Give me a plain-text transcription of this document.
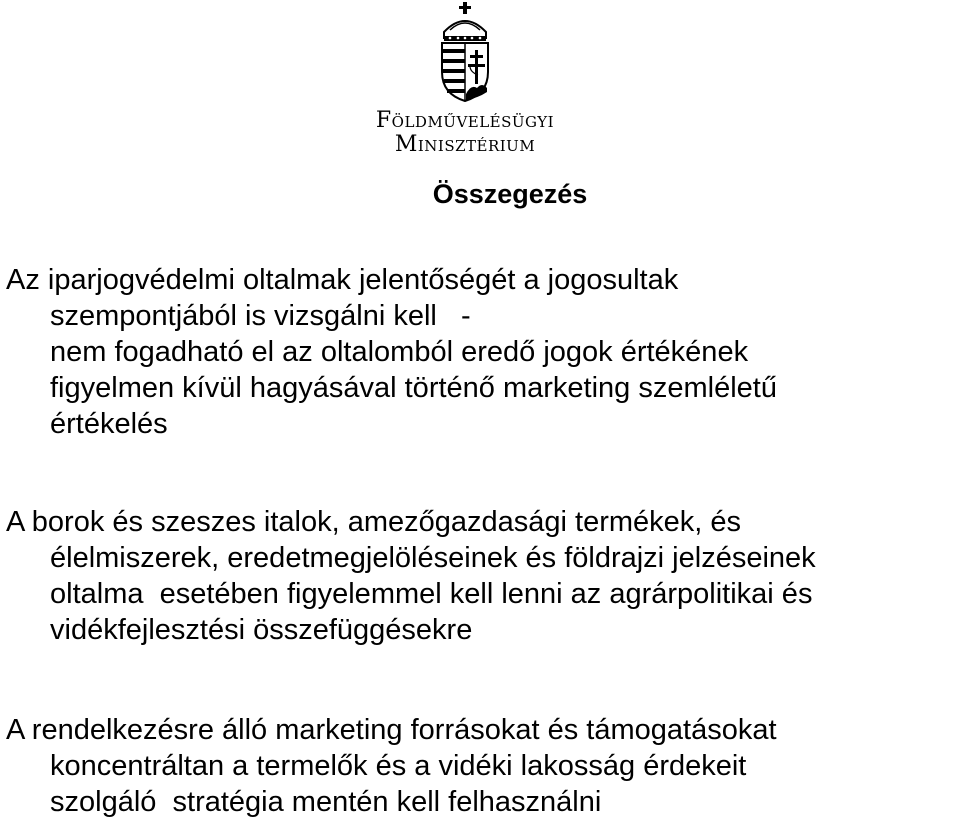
Földművelésügyi
Minisztérium
Összegezés
Az iparjogvédelmi oltalmak jelentőségét a jogosultak
szempontjából is vizsgálni kell   -
nem fogadható el az oltalomból eredő jogok értékének
figyelmen kívül hagyásával történő marketing szemléletű
értékelés
A borok és szeszes italok, amezőgazdasági termékek, és
élelmiszerek, eredetmegjelöléseinek és földrajzi jelzéseinek
oltalma  esetében figyelemmel kell lenni az agrárpolitikai és
vidékfejlesztési összefüggésekre
A rendelkezésre álló marketing forrásokat és támogatásokat
koncentráltan a termelők és a vidéki lakosság érdekeit
szolgáló  stratégia mentén kell felhasználni
